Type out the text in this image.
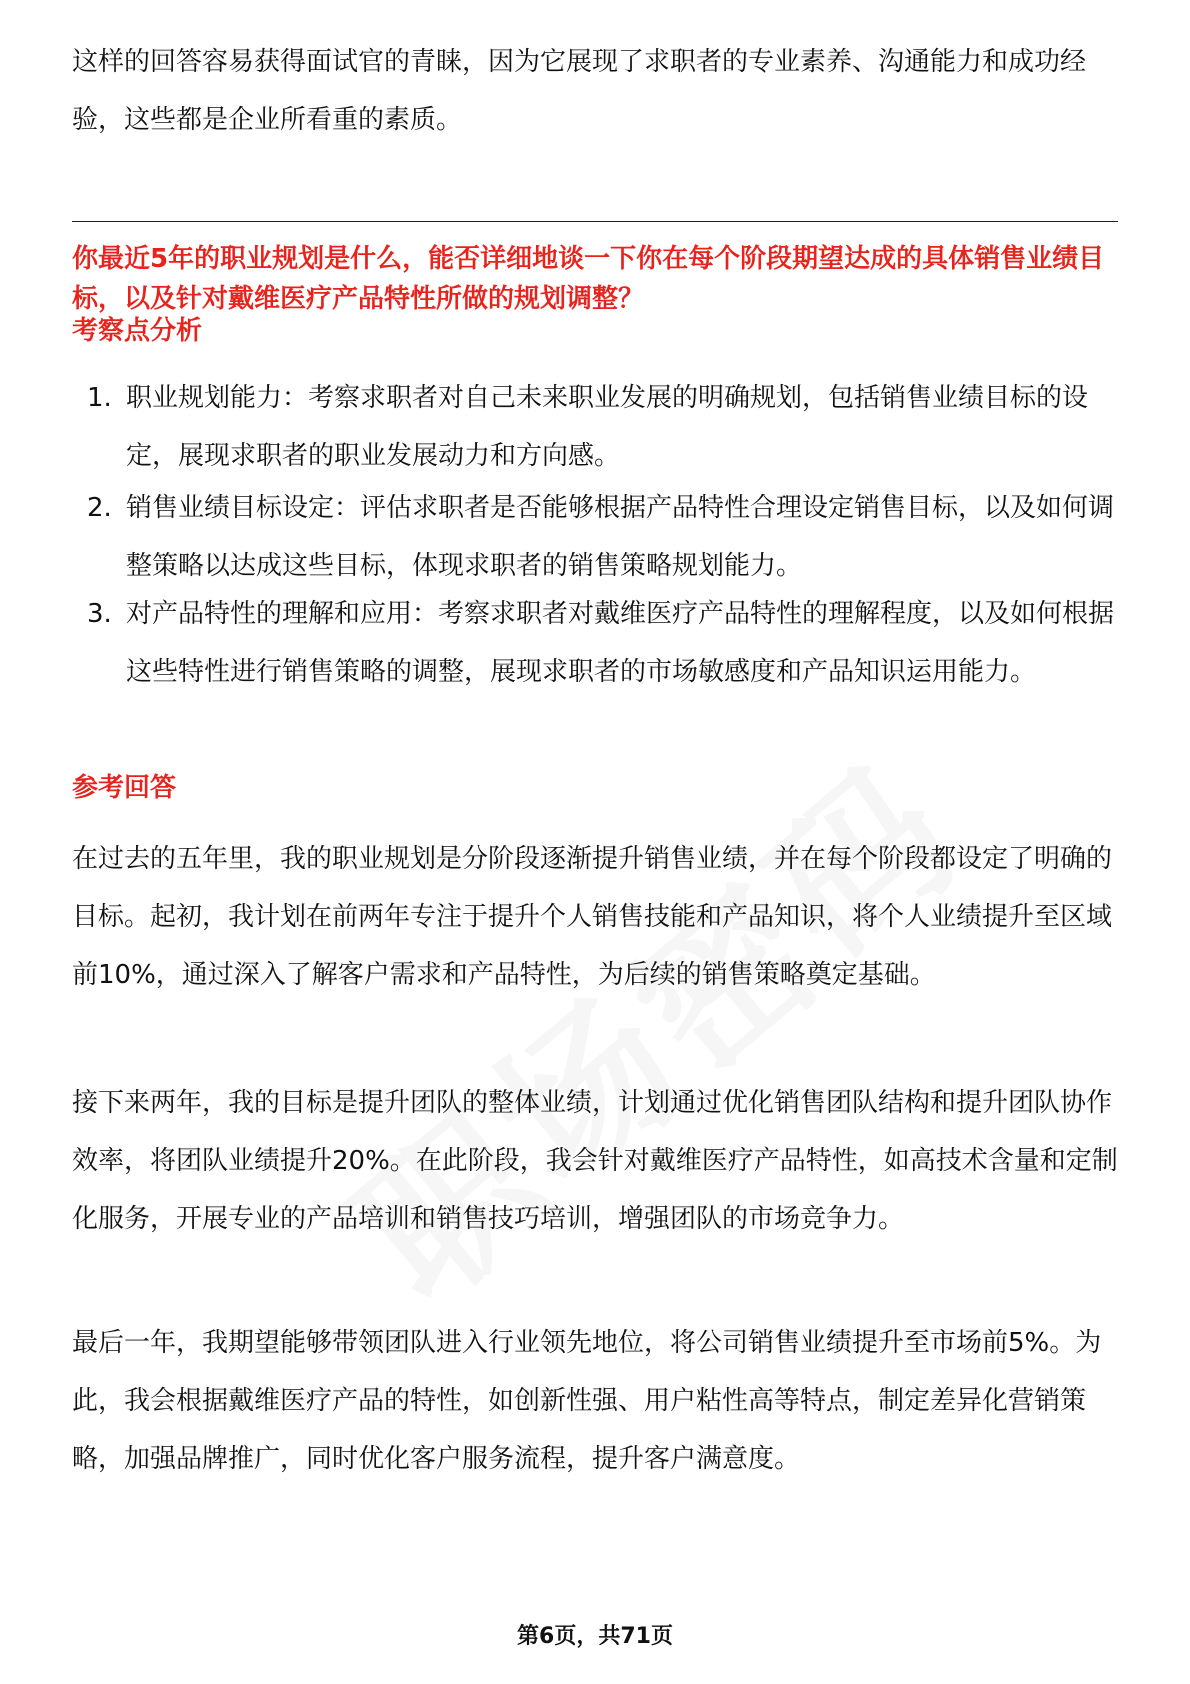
这样的回答容易获得面试官的青睐，因为它展现了求职者的专业素养、沟通能力和成功经验，这些都是企业所看重的素质。

你最近5年的职业规划是什么，能否详细地谈一下你在每个阶段期望达成的具体销售业绩目标，以及针对戴维医疗产品特性所做的规划调整？

考察点分析

1. 职业规划能力：考察求职者对自己未来职业发展的明确规划，包括销售业绩目标的设定，展现求职者的职业发展动力和方向感。
2. 销售业绩目标设定：评估求职者是否能够根据产品特性合理设定销售目标，以及如何调整策略以达成这些目标，体现求职者的销售策略规划能力。
3. 对产品特性的理解和应用：考察求职者对戴维医疗产品特性的理解程度，以及如何根据这些特性进行销售策略的调整，展现求职者的市场敏感度和产品知识运用能力。

参考回答

在过去的五年里，我的职业规划是分阶段逐渐提升销售业绩，并在每个阶段都设定了明确的目标。起初，我计划在前两年专注于提升个人销售技能和产品知识，将个人业绩提升至区域前10%，通过深入了解客户需求和产品特性，为后续的销售策略奠定基础。

接下来两年，我的目标是提升团队的整体业绩，计划通过优化销售团队结构和提升团队协作效率，将团队业绩提升20%。在此阶段，我会针对戴维医疗产品特性，如高技术含量和定制化服务，开展专业的产品培训和销售技巧培训，增强团队的市场竞争力。

最后一年，我期望能够带领团队进入行业领先地位，将公司销售业绩提升至市场前5%。为此，我会根据戴维医疗产品的特性，如创新性强、用户粘性高等特点，制定差异化营销策略，加强品牌推广，同时优化客户服务流程，提升客户满意度。

第6页，共71页
